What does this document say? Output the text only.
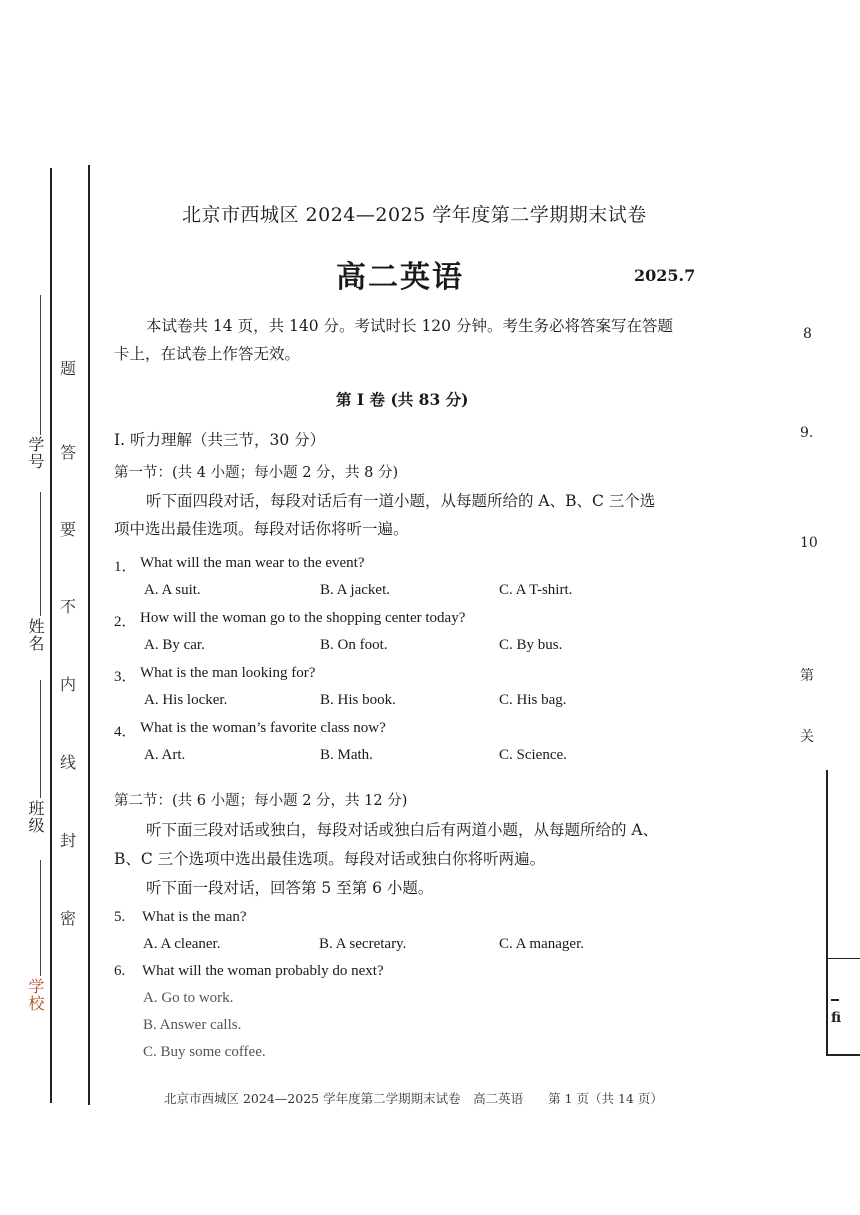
学号
姓名
班级
学校
题
答
要
不
内
线
封
密
北京市西城区 2024—2025 学年度第二学期期末试卷
高二英语	2025.7
本试卷共 14 页，共 140 分。考试时长 120 分钟。考生务必将答案写在答题
卡上，在试卷上作答无效。
第 I 卷 (共 83 分)
I. 听力理解（共三节，30 分）
第一节：(共 4 小题；每小题 2 分，共 8 分)
听下面四段对话，每段对话后有一道小题，从每题所给的 A、B、C 三个选
项中选出最佳选项。每段对话你将听一遍。
1． What will the man wear to the event?
A. A suit.	B. A jacket.	C. A T-shirt.
2． How will the woman go to the shopping center today?
A. By car.	B. On foot.	C. By bus.
3． What is the man looking for?
A. His locker.	B. His book.	C. His bag.
4． What is the woman’s favorite class now?
A. Art.	B. Math.	C. Science.
第二节：(共 6 小题；每小题 2 分，共 12 分)
听下面三段对话或独白，每段对话或独白后有两道小题，从每题所给的 A、
B、C 三个选项中选出最佳选项。每段对话或独白你将听两遍。
听下面一段对话，回答第 5 至第 6 小题。
5. What is the man?
A. A cleaner.	B. A secretary.	C. A manager.
6. What will the woman probably do next?
A. Go to work.
B. Answer calls.
C. Buy some coffee.
北京市西城区 2024—2025 学年度第二学期期末试卷　高二英语　　第 1 页（共 14 页）
8
9.
10
第
关
fi
